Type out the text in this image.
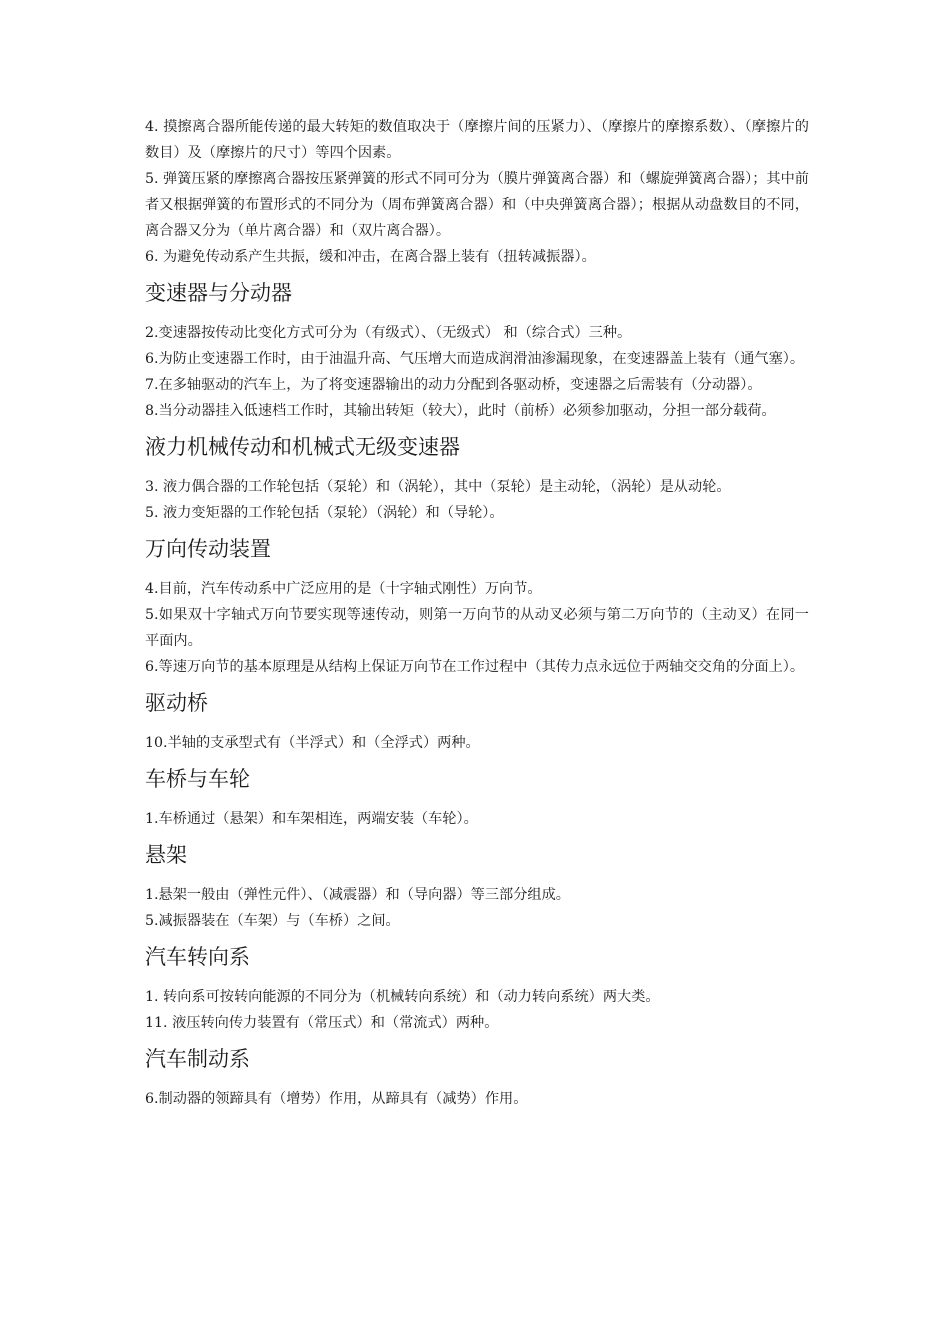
4. 摸擦离合器所能传递的最大转矩的数值取决于（摩擦片间的压紧力）、（摩擦片的摩擦系数）、（摩擦片的数目）及（摩擦片的尺寸）等四个因素。

5. 弹簧压紧的摩擦离合器按压紧弹簧的形式不同可分为（膜片弹簧离合器）和（螺旋弹簧离合器）；其中前者又根据弹簧的布置形式的不同分为（周布弹簧离合器）和（中央弹簧离合器）；根据从动盘数目的不同，离合器又分为（单片离合器）和（双片离合器）。

6. 为避免传动系产生共振，缓和冲击，在离合器上装有（扭转减振器）。

变速器与分动器

2.变速器按传动比变化方式可分为（有级式）、（无级式） 和（综合式）三种。

6.为防止变速器工作时，由于油温升高、气压增大而造成润滑油渗漏现象，在变速器盖上装有（通气塞）。

7.在多轴驱动的汽车上，为了将变速器输出的动力分配到各驱动桥，变速器之后需装有（分动器）。

8.当分动器挂入低速档工作时，其输出转矩（较大），此时（前桥）必须参加驱动，分担一部分载荷。

液力机械传动和机械式无级变速器

3. 液力偶合器的工作轮包括（泵轮）和（涡轮），其中（泵轮）是主动轮，（涡轮）是从动轮。

5. 液力变矩器的工作轮包括（泵轮）（涡轮）和（导轮）。

万向传动装置

4.目前，汽车传动系中广泛应用的是（十字轴式刚性）万向节。

5.如果双十字轴式万向节要实现等速传动，则第一万向节的从动叉必须与第二万向节的（主动叉）在同一平面内。

6.等速万向节的基本原理是从结构上保证万向节在工作过程中（其传力点永远位于两轴交交角的分面上）。

驱动桥

10.半轴的支承型式有（半浮式）和（全浮式）两种。

车桥与车轮

1.车桥通过（悬架）和车架相连，两端安装（车轮）。

悬架

1.悬架一般由（弹性元件）、（减震器）和（导向器）等三部分组成。

5.减振器装在（车架）与（车桥）之间。

汽车转向系

1. 转向系可按转向能源的不同分为（机械转向系统）和（动力转向系统）两大类。

11. 液压转向传力装置有（常压式）和（常流式）两种。

汽车制动系

6.制动器的领蹄具有（增势）作用，从蹄具有（减势）作用。
